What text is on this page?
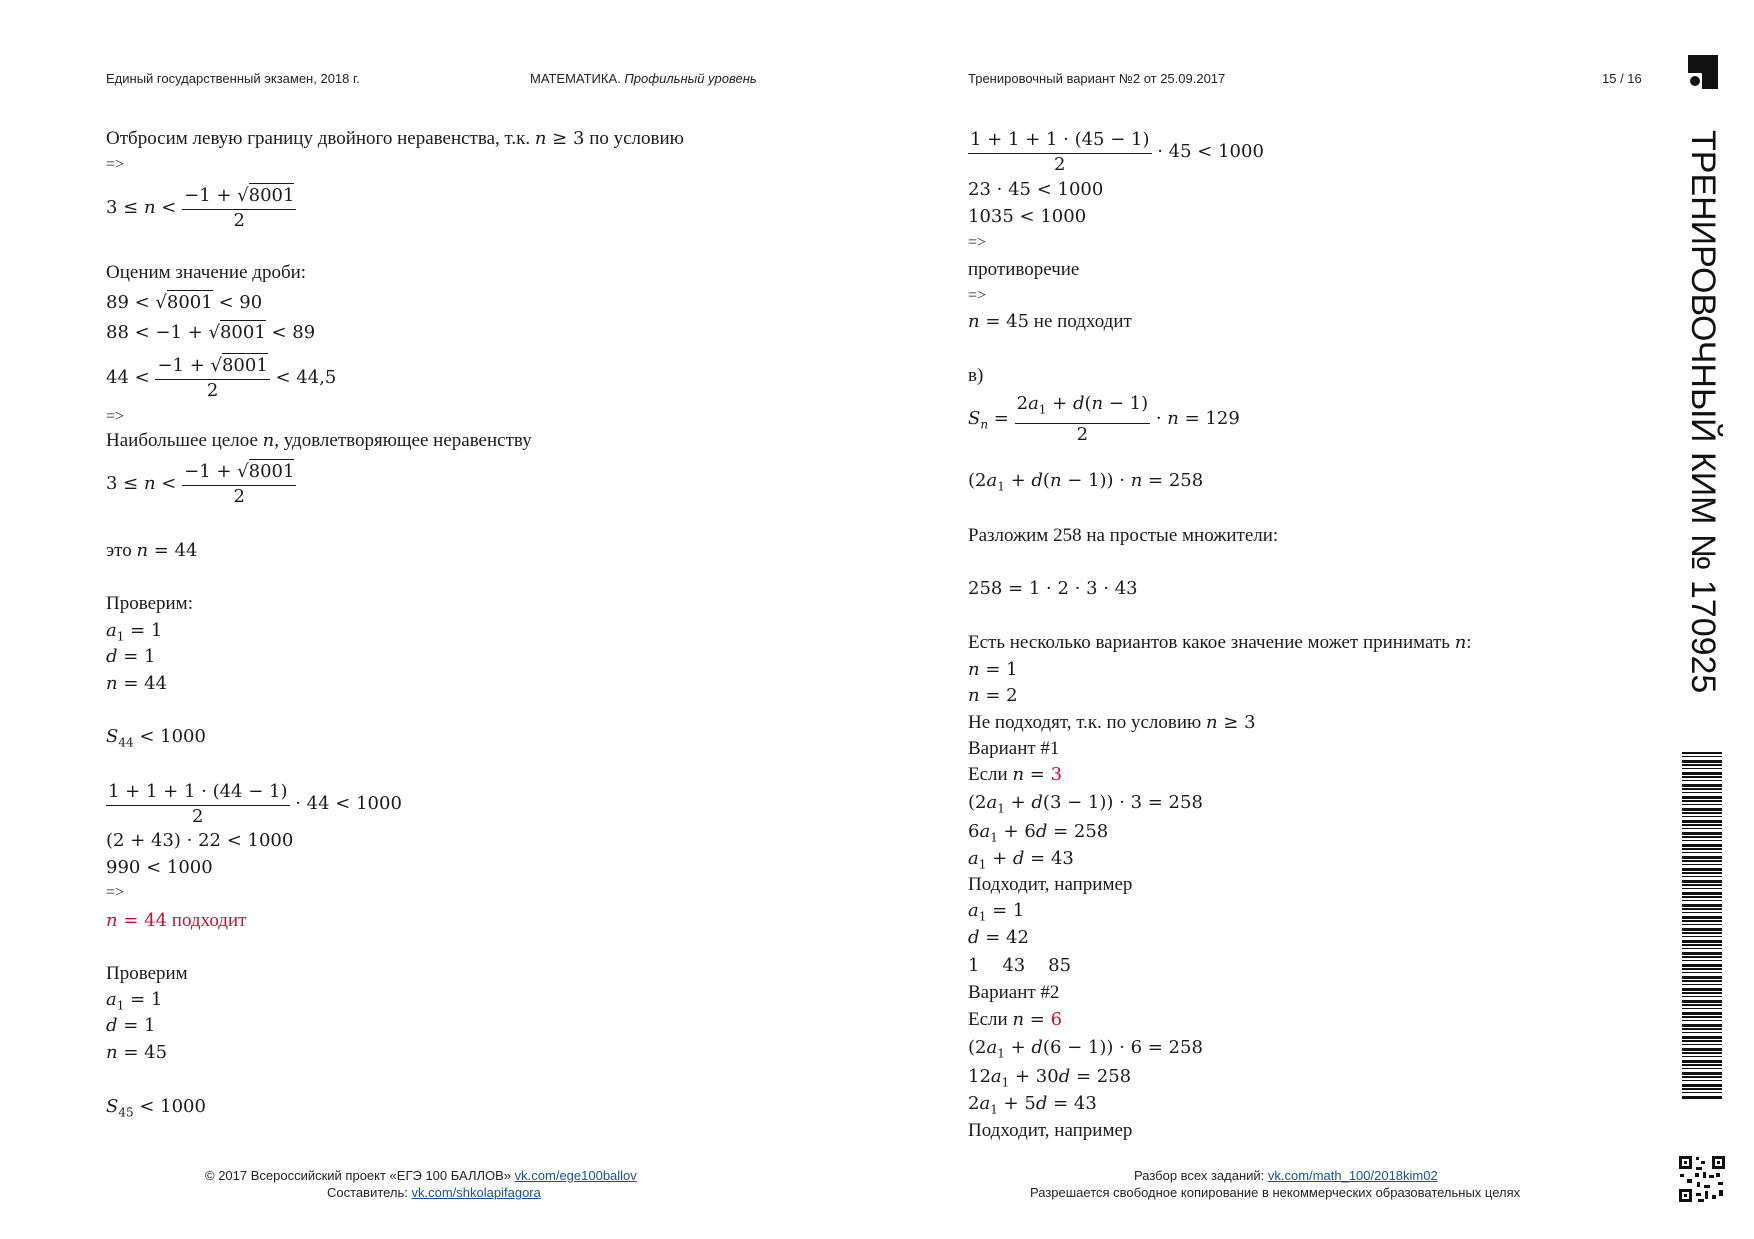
Единый государственный экзамен, 2018 г.	МАТЕМАТИКА. Профильный уровень	Тренировочный вариант №2 от 25.09.2017	15 / 16
ТРЕНИРОВОЧНЫЙ КИМ № 170925
Отбросим левую границу двойного неравенства, т.к. n ≥ 3 по условию
=>
$3 \le n < \frac{-1 + √8001}{2}$
Оценим значение дроби:
89 < √8001 < 90
88 < −1 + √8001 < 89
$44 < \frac{-1 + √8001}{2} < 44,5$
=>
Наибольшее целое n, удовлетворяющее неравенству
$3 \le n < \frac{-1 + √8001}{2}$
это n = 44
Проверим:
$a_1 = 1$
d = 1
n = 44
$S_{44} < 1000$
$\frac{1 + 1 + 1 \cdot (44 - 1)}{2} \cdot 44 < 1000$
(2 + 43) · 22 < 1000
990 < 1000
=>
n = 44 подходит
Проверим
$a_1 = 1$
d = 1
n = 45
$S_{45} < 1000$
$\frac{1 + 1 + 1 \cdot (45 - 1)}{2} \cdot 45 < 1000$
23 · 45 < 1000
1035 < 1000
=>
противоречие
=>
n = 45 не подходит
в)
$S_n = \frac{2a_1 + d(n - 1)}{2} \cdot n = 129$
$(2a_1 + d(n - 1)) \cdot n = 258$
Разложим 258 на простые множители:
258 = 1 · 2 · 3 · 43
Есть несколько вариантов какое значение может принимать n:
n = 1
n = 2
Не подходят, т.к. по условию n ≥ 3
Вариант #1
Если n = 3
$(2a_1 + d(3 - 1)) \cdot 3 = 258$
$6a_1 + 6d = 258$
$a_1 + d = 43$
Подходит, например
$a_1 = 1$
d = 42
1    43    85
Вариант #2
Если n = 6
$(2a_1 + d(6 - 1)) \cdot 6 = 258$
$12a_1 + 30d = 258$
$2a_1 + 5d = 43$
Подходит, например
© 2017 Всероссийский проект «ЕГЭ 100 БАЛЛОВ» vk.com/ege100ballov
Составитель: vk.com/shkolapifagora
Разбор всех заданий: vk.com/math_100/2018kim02
Разрешается свободное копирование в некоммерческих образовательных целях
